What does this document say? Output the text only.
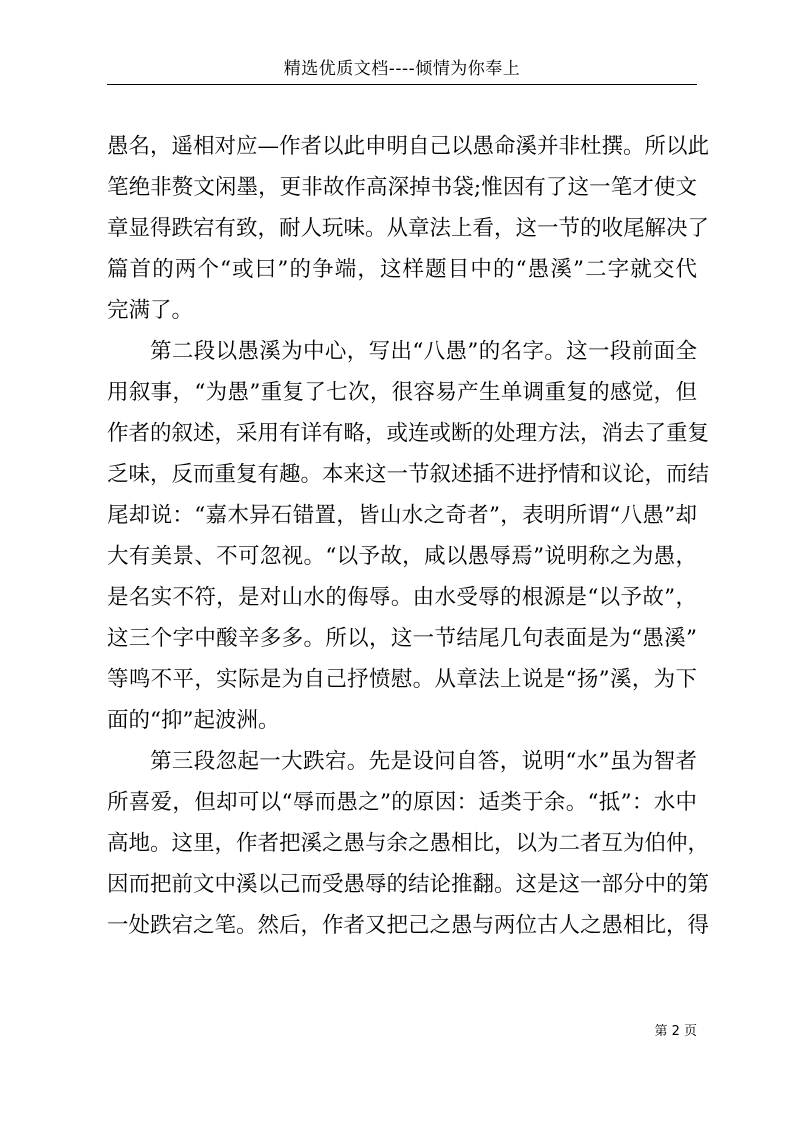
精选优质文档----倾情为你奉上
愚名，遥相对应—作者以此申明自己以愚命溪并非杜撰。所以此
笔绝非赘文闲墨，更非故作高深掉书袋;惟因有了这一笔才使文
章显得跌宕有致，耐人玩味。从章法上看，这一节的收尾解决了
篇首的两个“或曰”的争端，这样题目中的“愚溪”二字就交代
完满了。
第二段以愚溪为中心，写出“八愚”的名字。这一段前面全
用叙事，“为愚”重复了七次，很容易产生单调重复的感觉，但
作者的叙述，采用有详有略，或连或断的处理方法，消去了重复
乏味，反而重复有趣。本来这一节叙述插不进抒情和议论，而结
尾却说：“嘉木异石错置，皆山水之奇者”，表明所谓“八愚”却
大有美景、不可忽视。“以予故，咸以愚辱焉”说明称之为愚，
是名实不符，是对山水的侮辱。由水受辱的根源是“以予故”，
这三个字中酸辛多多。所以，这一节结尾几句表面是为“愚溪”
等鸣不平，实际是为自己抒愤慰。从章法上说是“扬”溪，为下
面的“抑”起波洲。
第三段忽起一大跌宕。先是设问自答，说明“水”虽为智者
所喜爱，但却可以“辱而愚之”的原因：适类于余。“抵”：水中
高地。这里，作者把溪之愚与余之愚相比，以为二者互为伯仲，
因而把前文中溪以己而受愚辱的结论推翻。这是这一部分中的第
一处跌宕之笔。然后，作者又把己之愚与两位古人之愚相比，得
第 2 页
